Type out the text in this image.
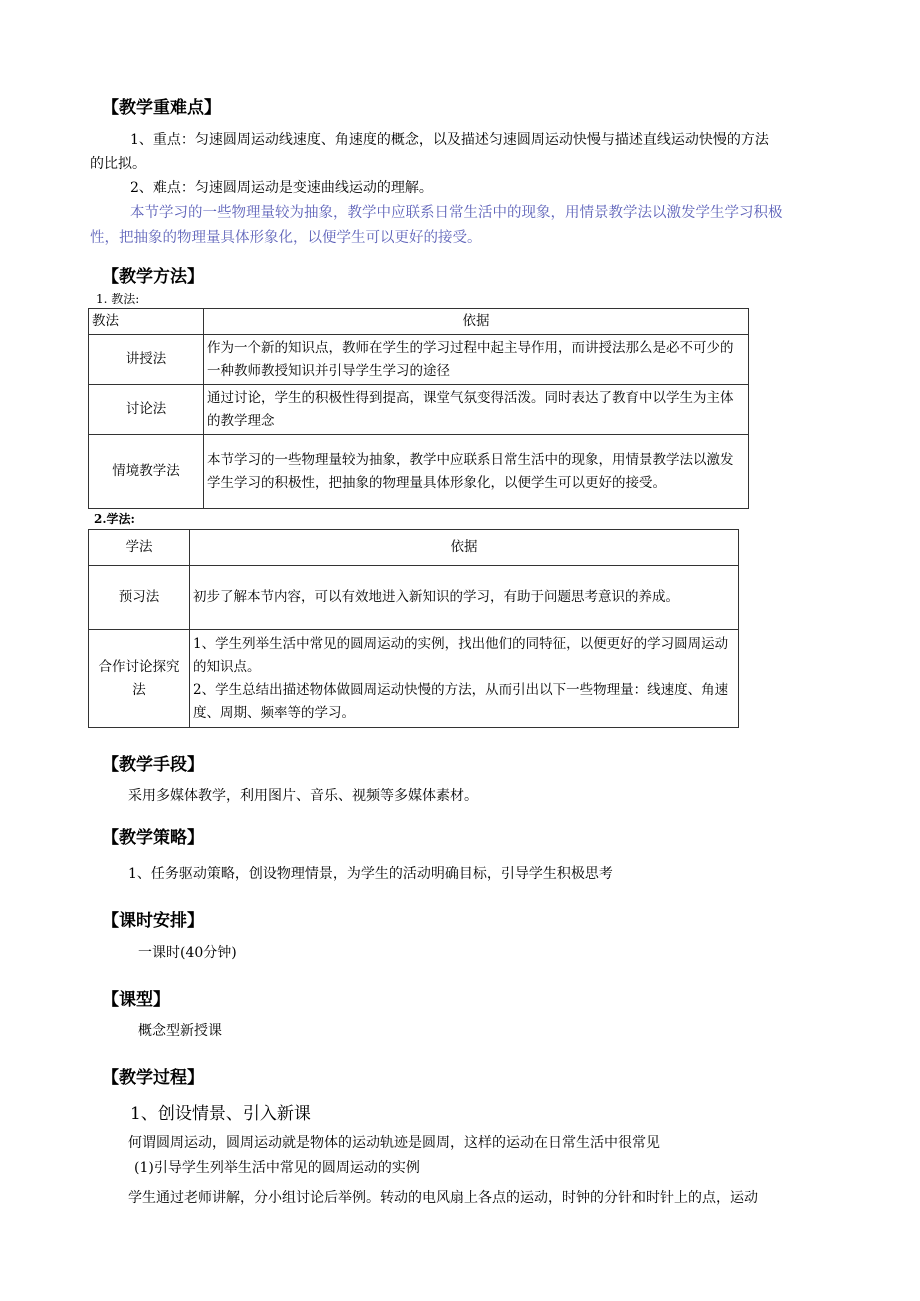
【教学重难点】
1、重点：匀速圆周运动线速度、角速度的概念，以及描述匀速圆周运动快慢与描述直线运动快慢的方法
的比拟。
2、难点：匀速圆周运动是变速曲线运动的理解。
本节学习的一些物理量较为抽象，教学中应联系日常生活中的现象，用情景教学法以激发学生学习积极
性，把抽象的物理量具体形象化，以便学生可以更好的接受。
【教学方法】
1. 教法:
教法	依据
讲授法	作为一个新的知识点，教师在学生的学习过程中起主导作用，而讲授法那么是必不可少的一种教师教授知识并引导学生学习的途径
讨论法	通过讨论，学生的积极性得到提高，课堂气氛变得活泼。同时表达了教育中以学生为主体的教学理念
情境教学法	本节学习的一些物理量较为抽象，教学中应联系日常生活中的现象，用情景教学法以激发学生学习的积极性，把抽象的物理量具体形象化，以便学生可以更好的接受。
2.学法:
学法	依据
预习法	初步了解本节内容，可以有效地进入新知识的学习，有助于问题思考意识的养成。
合作讨论探究法	1、学生列举生活中常见的圆周运动的实例，找出他们的同特征，以便更好的学习圆周运动的知识点。
2、学生总结出描述物体做圆周运动快慢的方法，从而引出以下一些物理量：线速度、角速度、周期、频率等的学习。
【教学手段】
采用多媒体教学，利用图片、音乐、视频等多媒体素材。
【教学策略】
1、任务驱动策略，创设物理情景，为学生的活动明确目标，引导学生积极思考
【课时安排】
一课时(40分钟)
【课型】
概念型新授课
【教学过程】
1、创设情景、引入新课
何谓圆周运动，圆周运动就是物体的运动轨迹是圆周，这样的运动在日常生活中很常见
(1)引导学生列举生活中常见的圆周运动的实例
学生通过老师讲解，分小组讨论后举例。转动的电风扇上各点的运动，时钟的分针和时针上的点，运动
